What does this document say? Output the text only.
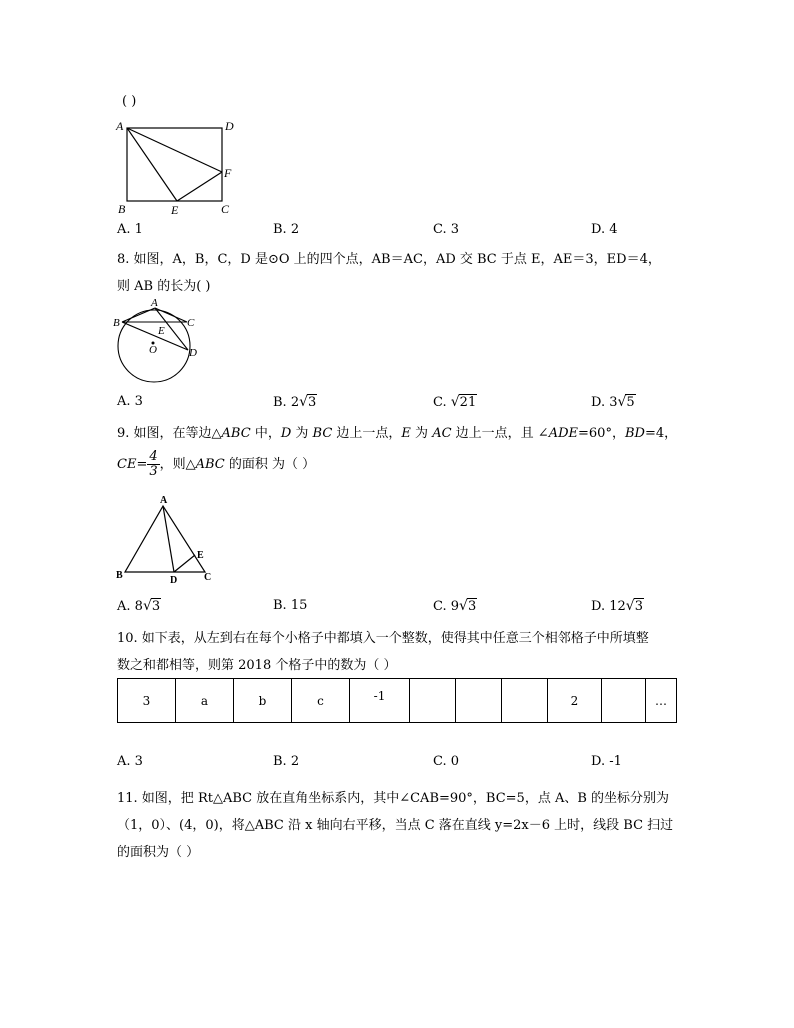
( )
A	D
F
B	E	C
A. 1	B. 2	C. 3	D. 4
8. 如图，A，B，C，D 是⊙O 上的四个点，AB＝AC，AD 交 BC 于点 E，AE＝3，ED＝4，
则 AB 的长为( )
A
B	C
E
O	D
A. 3	B. 2√3	C. √21	D. 3√5
9. 如图，在等边△ABC 中，D 为 BC 边上一点，E 为 AC 边上一点，且 ∠ADE=60°，BD=4，
$CE= \frac{4}{3}$ ，则△ABC 的面积 为（ ）
A
B	C
D
E
A. 8√3	B. 15	C. 9√3	D. 12√3
10. 如下表，从左到右在每个小格子中都填入一个整数，使得其中任意三个相邻格子中所填整
数之和都相等，则第 2018 个格子中的数为（ ）
3	a	b	c	-1				2		…
A. 3	B. 2	C. 0	D. -1
11. 如图，把 Rt△ABC 放在直角坐标系内，其中∠CAB=90°，BC=5，点 A、B 的坐标分别为
（1，0）、(4，0)，将△ABC 沿 x 轴向右平移，当点 C 落在直线 y=2x－6 上时，线段 BC 扫过
的面积为（ ）
